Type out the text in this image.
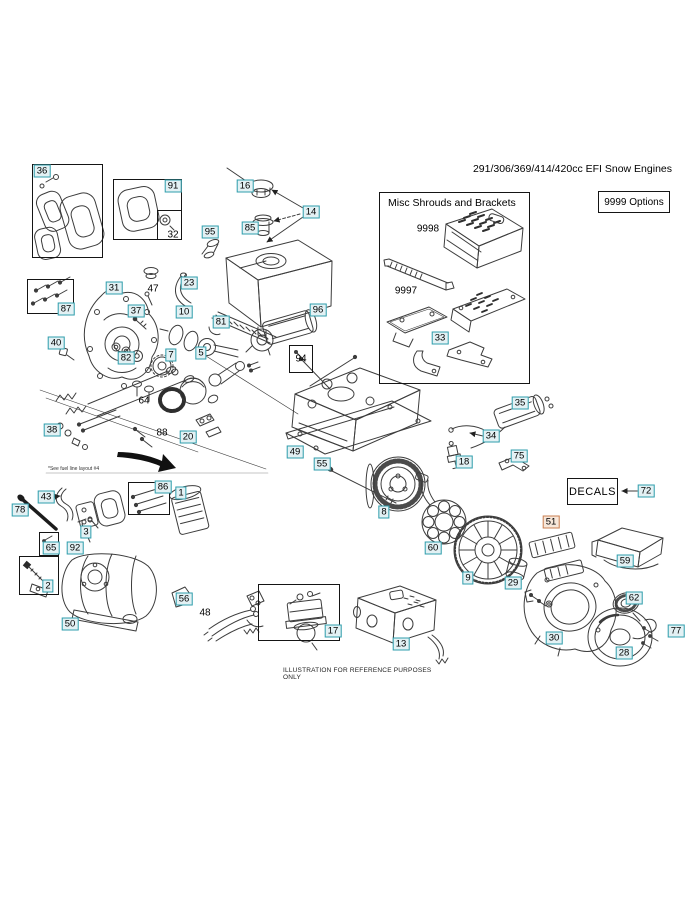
291/306/369/414/420cc EFI Snow Engines
9999 Options
Misc Shrouds and Brackets
DECALS
*See fuel line layout #4
ILLUSTRATION FOR REFERENCE PURPOSES ONLY
36
91
32
16
14
85
95
23
47
96
31
87	37	10
81
40
82	7	5
64
38	88	20
94
49
55
86
1
43
78
3
65	92
2
35
34
18
75
8
60
9	29
51
59
72
62
30
28
77
50
56
48
17
13
33
9998
9997
